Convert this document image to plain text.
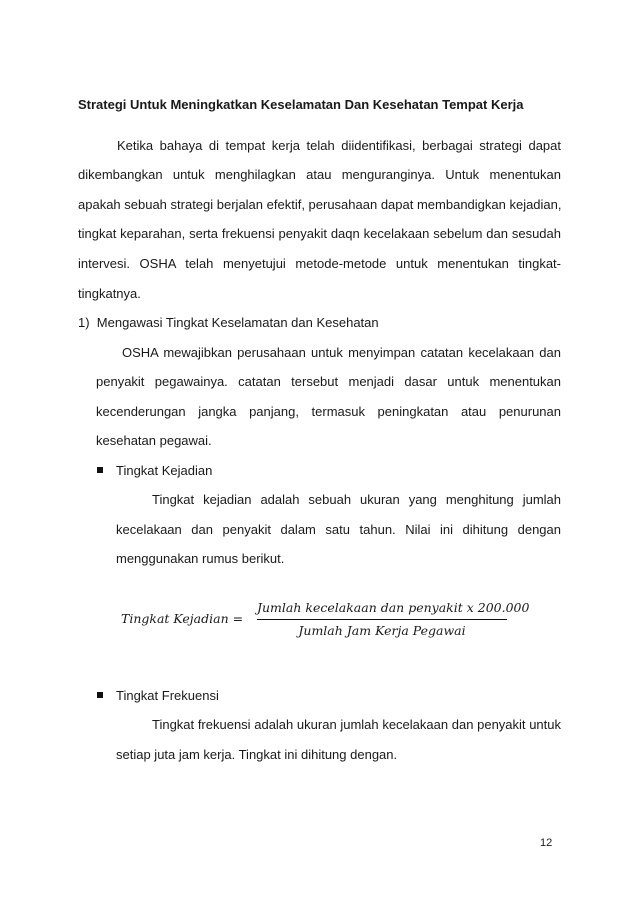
Strategi Untuk Meningkatkan Keselamatan Dan Kesehatan Tempat Kerja
Ketika bahaya di tempat kerja telah diidentifikasi, berbagai strategi dapat
dikembangkan untuk menghilagkan atau menguranginya. Untuk menentukan
apakah sebuah strategi berjalan efektif, perusahaan dapat membandigkan kejadian,
tingkat keparahan, serta frekuensi penyakit daqn kecelakaan sebelum dan sesudah
intervesi. OSHA telah menyetujui metode-metode untuk menentukan tingkat-
tingkatnya.
1)  Mengawasi Tingkat Keselamatan dan Kesehatan
OSHA mewajibkan perusahaan untuk menyimpan catatan kecelakaan dan
penyakit pegawainya. catatan tersebut menjadi dasar untuk menentukan
kecenderungan jangka panjang, termasuk peningkatan atau penurunan
kesehatan pegawai.
Tingkat Kejadian
Tingkat kejadian adalah sebuah ukuran yang menghitung jumlah
kecelakaan dan penyakit dalam satu tahun. Nilai ini dihitung dengan
menggunakan rumus berikut.
Tingkat Kejadian =
Jumlah kecelakaan dan penyakit x 200.000
Jumlah Jam Kerja Pegawai
Tingkat Frekuensi
Tingkat frekuensi adalah ukuran jumlah kecelakaan dan penyakit untuk
setiap juta jam kerja. Tingkat ini dihitung dengan.
12
